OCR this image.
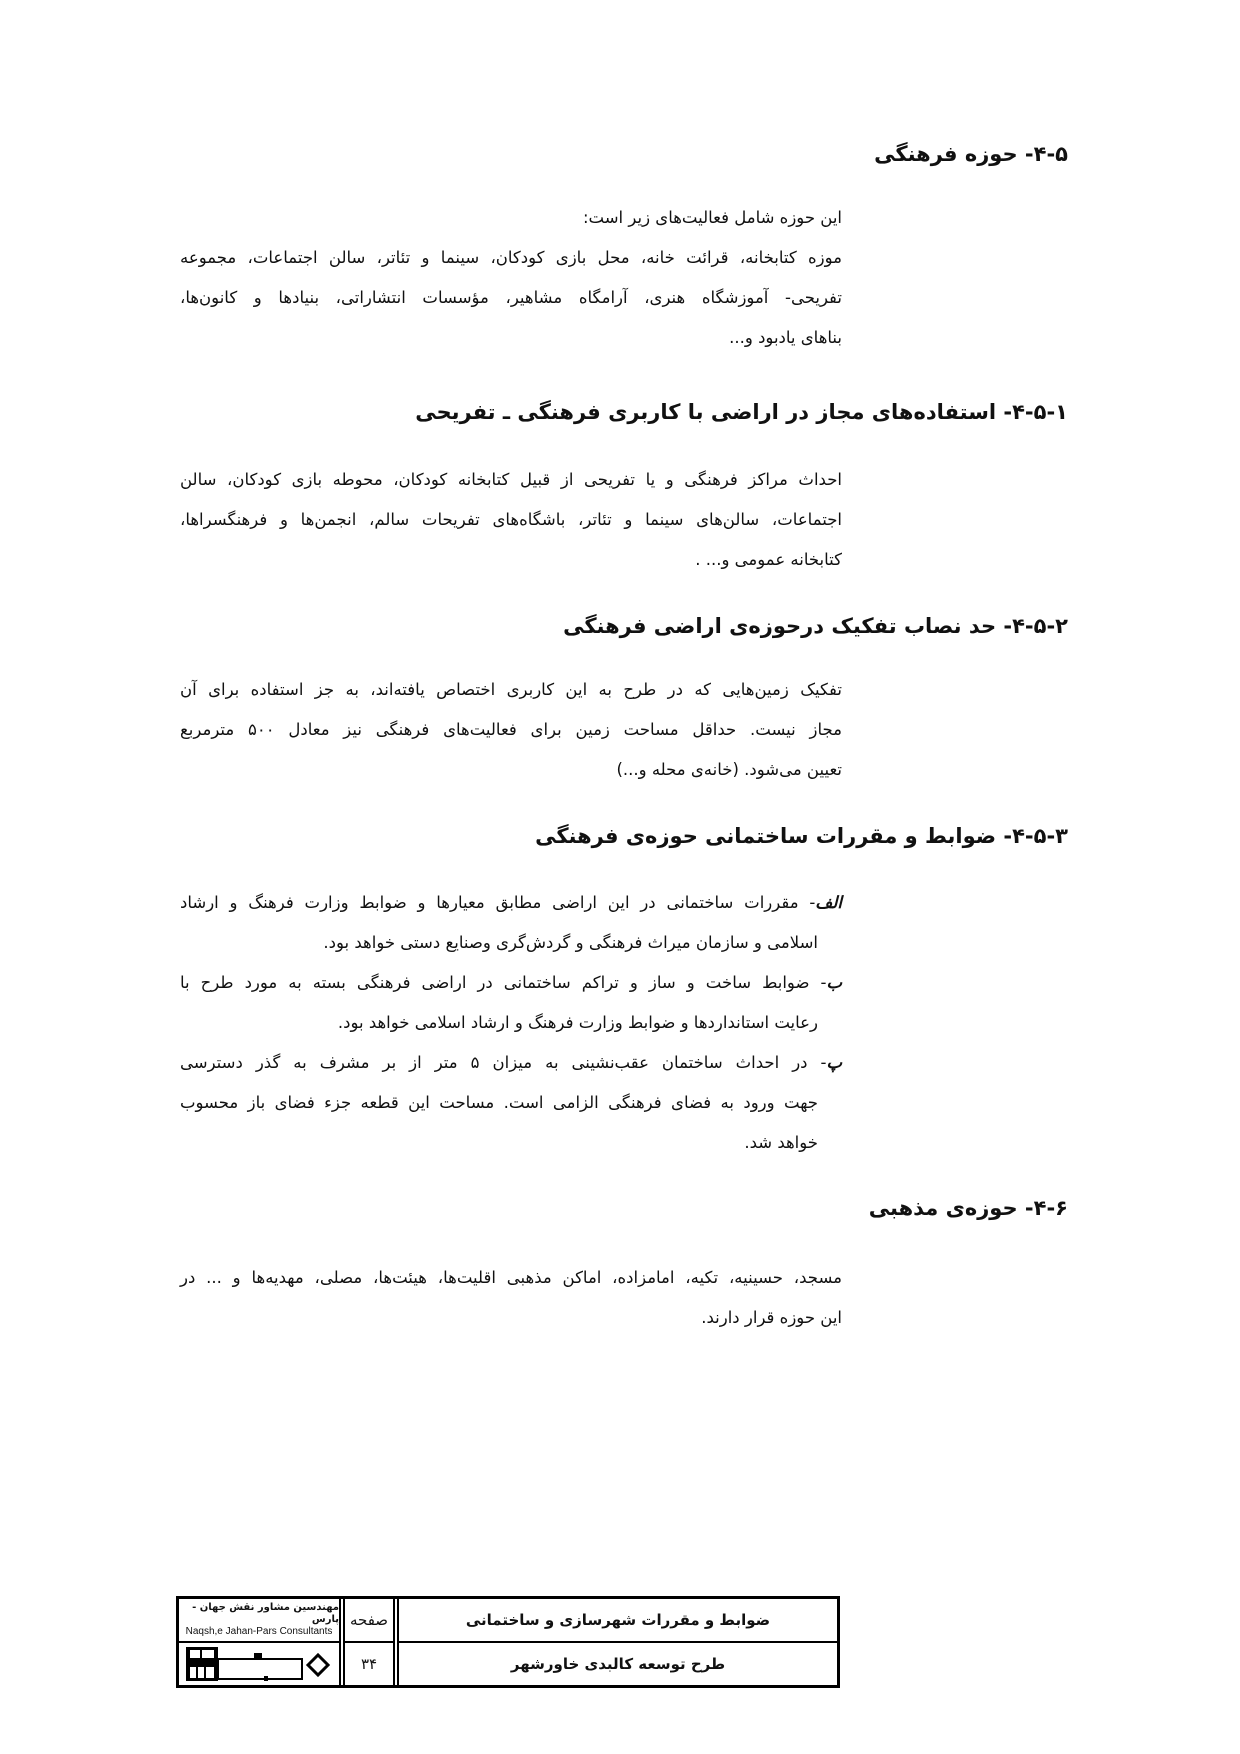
۴-۵- حوزه فرهنگی
این حوزه شامل فعالیت‌های زیر است:
موزه کتابخانه، قرائت خانه، محل بازی کودکان، سینما و تئاتر، سالن اجتماعات، مجموعه
تفریحی- آموزشگاه هنری، آرامگاه مشاهیر، مؤسسات انتشاراتی، بنیادها و کانون‌ها،
بناهای یادبود و...
۴-۵-۱- استفاده‌های مجاز در اراضی با کاربری فرهنگی ـ تفریحی
احداث مراکز فرهنگی و یا تفریحی از قبیل کتابخانه کودکان، محوطه بازی کودکان، سالن
اجتماعات، سالن‌های سینما و تئاتر، باشگاه‌های تفریحات سالم، انجمن‌ها و فرهنگسراها،
کتابخانه عمومی و... .
۴-۵-۲- حد نصاب تفکیک درحوزه‌ی اراضی فرهنگی
تفکیک زمین‌هایی که در طرح به این کاربری اختصاص یافته‌اند، به جز استفاده برای آن
مجاز نیست. حداقل مساحت زمین برای فعالیت‌های فرهنگی نیز معادل ۵۰۰ مترمربع
تعیین می‌شود. (خانه‌ی محله و...)
۴-۵-۳- ضوابط و مقررات ساختمانی حوزه‌ی فرهنگی
الف- مقررات ساختمانی در این اراضی مطابق معیارها و ضوابط وزارت فرهنگ و ارشاد
اسلامی و سازمان میراث فرهنگی و گردش‌گری وصنایع دستی خواهد بود.
ب- ضوابط ساخت و ساز و تراکم ساختمانی در اراضی فرهنگی بسته به مورد طرح با
رعایت استانداردها و ضوابط وزارت فرهنگ و ارشاد اسلامی خواهد بود.
پ- در احداث ساختمان عقب‌نشینی به میزان ۵ متر از بر مشرف به گذر دسترسی
جهت ورود به فضای فرهنگی الزامی است. مساحت این قطعه جزء فضای باز محسوب
خواهد شد.
۴-۶- حوزه‌ی مذهبی
مسجد، حسینیه، تکیه، امامزاده، اماکن مذهبی اقلیت‌ها، هیئت‌ها، مصلی، مهدیه‌ها و ... در
این حوزه قرار دارند.
مهندسین مشاور نقش جهان - پارس
Naqsh,e Jahan-Pars Consultants
صفحه
۳۴
ضوابط و مقررات شهرسازی و ساختمانی
طرح توسعه کالبدی خاورشهر
